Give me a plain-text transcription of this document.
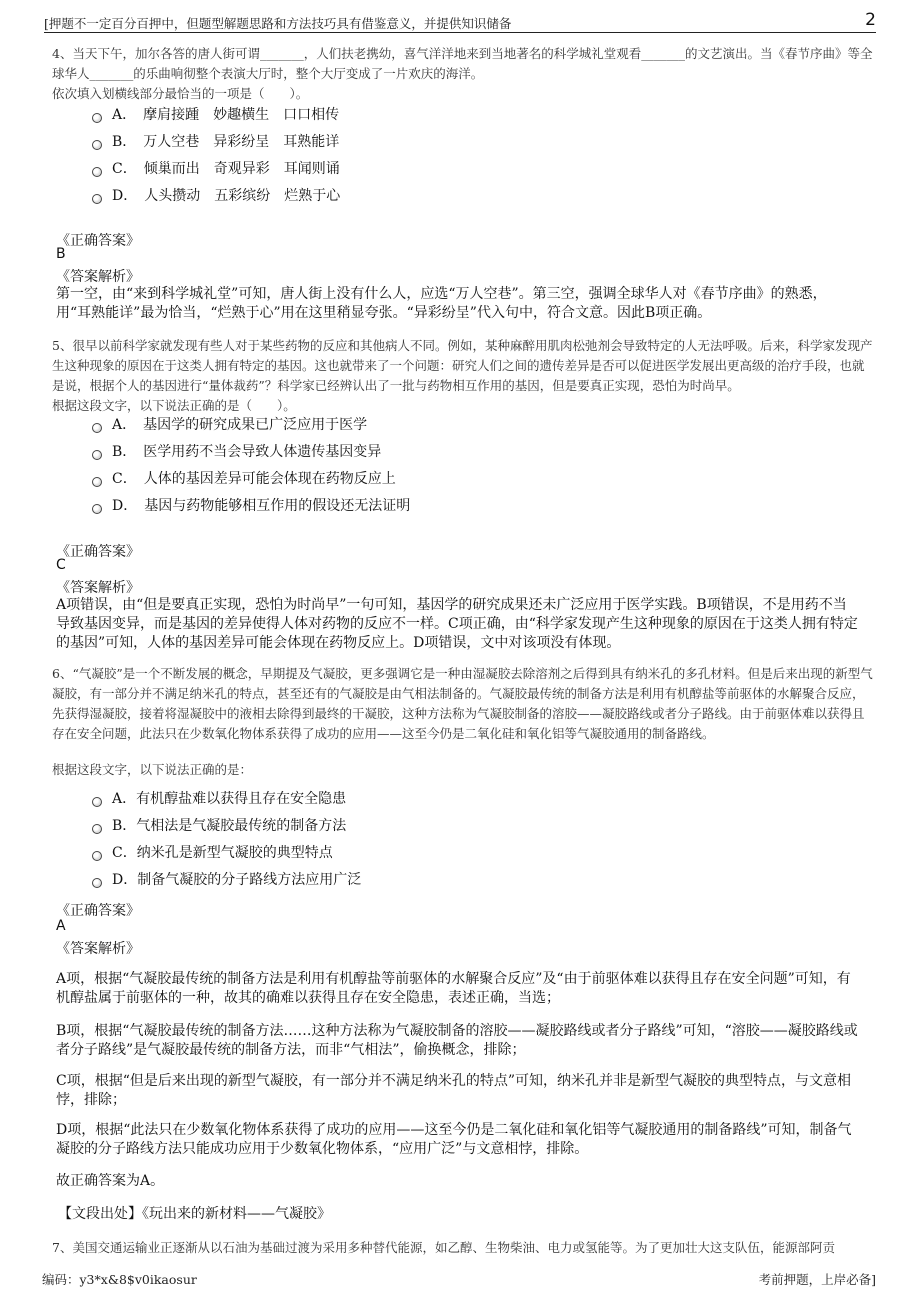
[押题不一定百分百押中，但题型解题思路和方法技巧具有借鉴意义，并提供知识储备	2

4、当天下午，加尔各答的唐人街可谓_______，人们扶老携幼，喜气洋洋地来到当地著名的科学城礼堂观看_______的文艺演出。当《春节序曲》等全球华人_______的乐曲响彻整个表演大厅时，整个大厅变成了一片欢庆的海洋。

依次填入划横线部分最恰当的一项是（　　）。

A．　摩肩接踵　妙趣横生　口口相传
B．　万人空巷　异彩纷呈　耳熟能详
C．　倾巢而出　奇观异彩　耳闻则诵
D．　人头攒动　五彩缤纷　烂熟于心
《正确答案》
B
《答案解析》

第一空，由“来到科学城礼堂”可知，唐人街上没有什么人，应选“万人空巷”。第三空，强调全球华人对《春节序曲》的熟悉，用“耳熟能详”最为恰当，“烂熟于心”用在这里稍显夸张。“异彩纷呈”代入句中，符合文意。因此B项正确。

5、很早以前科学家就发现有些人对于某些药物的反应和其他病人不同。例如，某种麻醉用肌肉松弛剂会导致特定的人无法呼吸。后来，科学家发现产生这种现象的原因在于这类人拥有特定的基因。这也就带来了一个问题：研究人们之间的遗传差异是否可以促进医学发展出更高级的治疗手段，也就是说，根据个人的基因进行“量体裁药”？科学家已经辨认出了一批与药物相互作用的基因，但是要真正实现，恐怕为时尚早。

根据这段文字，以下说法正确的是（　　）。

A．　基因学的研究成果已广泛应用于医学
B．　医学用药不当会导致人体遗传基因变异
C．　人体的基因差异可能会体现在药物反应上
D．　基因与药物能够相互作用的假设还无法证明
《正确答案》
C
《答案解析》

A项错误，由“但是要真正实现，恐怕为时尚早”一句可知，基因学的研究成果还未广泛应用于医学实践。B项错误，不是用药不当导致基因变异，而是基因的差异使得人体对药物的反应不一样。C项正确，由“科学家发现产生这种现象的原因在于这类人拥有特定的基因”可知，人体的基因差异可能会体现在药物反应上。D项错误，文中对该项没有体现。

6、“气凝胶”是一个不断发展的概念，早期提及气凝胶，更多强调它是一种由湿凝胶去除溶剂之后得到具有纳米孔的多孔材料。但是后来出现的新型气凝胶，有一部分并不满足纳米孔的特点，甚至还有的气凝胶是由气相法制备的。气凝胶最传统的制备方法是利用有机醇盐等前驱体的水解聚合反应，先获得湿凝胶，接着将湿凝胶中的液相去除得到最终的干凝胶，这种方法称为气凝胶制备的溶胶——凝胶路线或者分子路线。由于前驱体难以获得且存在安全问题，此法只在少数氧化物体系获得了成功的应用——这至今仍是二氧化硅和氧化铝等气凝胶通用的制备路线。

根据这段文字，以下说法正确的是：

A．有机醇盐难以获得且存在安全隐患
B．气相法是气凝胶最传统的制备方法
C．纳米孔是新型气凝胶的典型特点
D．制备气凝胶的分子路线方法应用广泛
《正确答案》
A
《答案解析》

A项，根据“气凝胶最传统的制备方法是利用有机醇盐等前驱体的水解聚合反应”及“由于前驱体难以获得且存在安全问题”可知，有机醇盐属于前驱体的一种，故其的确难以获得且存在安全隐患，表述正确，当选；

B项，根据“气凝胶最传统的制备方法……这种方法称为气凝胶制备的溶胶——凝胶路线或者分子路线”可知，“溶胶——凝胶路线或者分子路线”是气凝胶最传统的制备方法，而非“气相法”，偷换概念，排除；

C项，根据“但是后来出现的新型气凝胶，有一部分并不满足纳米孔的特点”可知，纳米孔并非是新型气凝胶的典型特点，与文意相悖，排除；

D项，根据“此法只在少数氧化物体系获得了成功的应用——这至今仍是二氧化硅和氧化铝等气凝胶通用的制备路线”可知，制备气凝胶的分子路线方法只能成功应用于少数氧化物体系，“应用广泛”与文意相悖，排除。

故正确答案为A。

【文段出处】《玩出来的新材料——气凝胶》

7、美国交通运输业正逐渐从以石油为基础过渡为采用多种替代能源，如乙醇、生物柴油、电力或氢能等。为了更加壮大这支队伍，能源部阿贡

编码：y3*x&8$v0ikaosur	考前押题，上岸必备]
